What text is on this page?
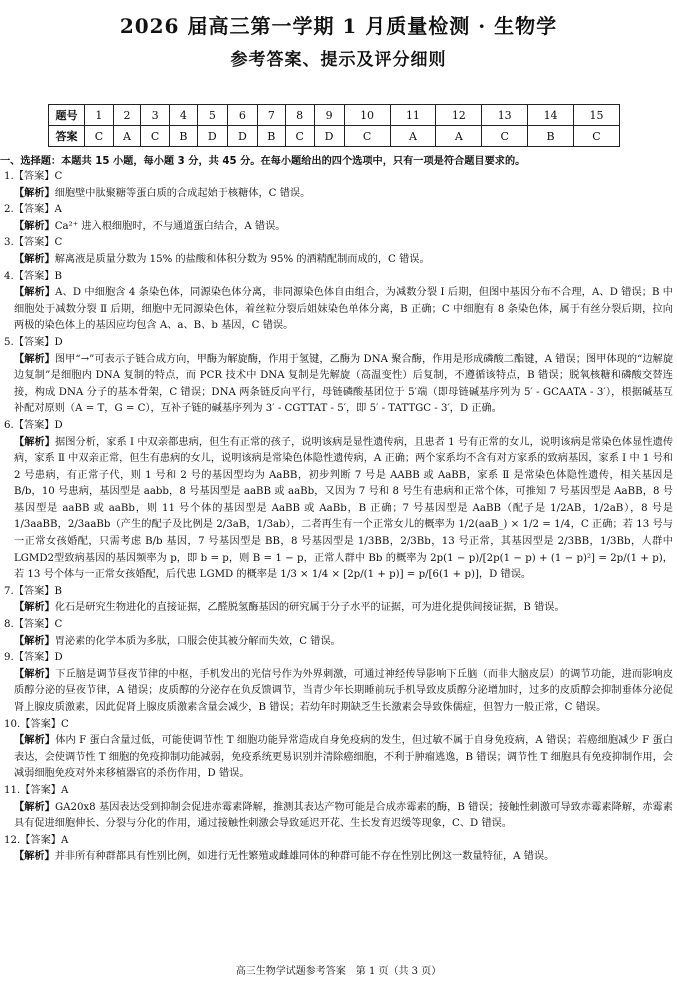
2026 届高三第一学期 1 月质量检测 · 生物学
参考答案、提示及评分细则
题号	1	2	3	4	5	6	7	8	9	10	11	12	13	14	15
答案	C	A	C	B	D	D	B	C	D	C	A	A	C	B	C
一、选择题：本题共 15 小题，每小题 3 分，共 45 分。在每小题给出的四个选项中，只有一项是符合题目要求的。
1.【答案】C
【解析】细胞壁中肽聚糖等蛋白质的合成起始于核糖体，C 错误。
2.【答案】A
【解析】Ca²⁺ 进入根细胞时，不与通道蛋白结合，A 错误。
3.【答案】C
【解析】解离液是质量分数为 15% 的盐酸和体积分数为 95% 的酒精配制而成的，C 错误。
4.【答案】B
【解析】A、D 中细胞含 4 条染色体，同源染色体分离，非同源染色体自由组合，为减数分裂 Ⅰ 后期，但图中基因分布不合理，A、D 错误；B 中细胞处于减数分裂 Ⅱ 后期，细胞中无同源染色体，着丝粒分裂后姐妹染色单体分离，B 正确；C 中细胞有 8 条染色体，属于有丝分裂后期，拉向两极的染色体上的基因应均包含 A、a、B、b 基因，C 错误。
5.【答案】D
【解析】图甲“→”可表示子链合成方向，甲酶为解旋酶，作用于氢键，乙酶为 DNA 聚合酶，作用是形成磷酸二酯键，A 错误；图甲体现的“边解旋边复制”是细胞内 DNA 复制的特点，而 PCR 技术中 DNA 复制是先解旋（高温变性）后复制，不遵循该特点，B 错误；脱氧核糖和磷酸交替连接，构成 DNA 分子的基本骨架，C 错误；DNA 两条链反向平行，母链磷酸基团位于 5′端（即母链碱基序列为 5′ - GCAATA - 3′），根据碱基互补配对原则（A = T，G = C），互补子链的碱基序列为 3′ - CGTTAT - 5′，即 5′ - TATTGC - 3′，D 正确。
6.【答案】D
【解析】据图分析，家系 Ⅰ 中双亲都患病，但生有正常的孩子，说明该病是显性遗传病，且患者 1 号有正常的女儿，说明该病是常染色体显性遗传病，家系 Ⅱ 中双亲正常，但生有患病的女儿，说明该病是常染色体隐性遗传病，A 正确；两个家系均不含有对方家系的致病基因，家系 Ⅰ 中 1 号和 2 号患病，有正常子代，则 1 号和 2 号的基因型均为 AaBB，初步判断 7 号是 AABB 或 AaBB，家系 Ⅱ 是常染色体隐性遗传，相关基因是 B/b，10 号患病，基因型是 aabb，8 号基因型是 aaBB 或 aaBb，又因为 7 号和 8 号生有患病和正常个体，可推知 7 号基因型是 AaBB，8 号基因型是 aaBB 或 aaBb，则 11 号个体的基因型是 AaBB 或 AaBb，B 正确；7 号基因型是 AaBB（配子是 1/2AB，1/2aB），8 号是 1/3aaBB，2/3aaBb（产生的配子及比例是 2/3aB，1/3ab），二者再生有一个正常女儿的概率为 1/2(aaB_) × 1/2 = 1/4，C 正确；若 13 号与一正常女孩婚配，只需考虑 B/b 基因，7 号基因型是 BB，8 号基因型是 1/3BB，2/3Bb，13 号正常，其基因型是 2/3BB，1/3Bb，人群中 LGMD2型致病基因的基因频率为 p，即 b = p，则 B = 1 − p，正常人群中 Bb 的概率为 2p(1 − p)/[2p(1 − p) + (1 − p)²] = 2p/(1 + p)，若 13 号个体与一正常女孩婚配，后代患 LGMD 的概率是 1/3 × 1/4 × [2p/(1 + p)] = p/[6(1 + p)]，D 错误。
7.【答案】B
【解析】化石是研究生物进化的直接证据，乙醛脱氢酶基因的研究属于分子水平的证据，可为进化提供间接证据，B 错误。
8.【答案】C
【解析】胃泌素的化学本质为多肽，口服会使其被分解而失效，C 错误。
9.【答案】D
【解析】下丘脑是调节昼夜节律的中枢，手机发出的光信号作为外界刺激，可通过神经传导影响下丘脑（而非大脑皮层）的调节功能，进而影响皮质醇分泌的昼夜节律，A 错误；皮质醇的分泌存在负反馈调节，当青少年长期睡前玩手机导致皮质醇分泌增加时，过多的皮质醇会抑制垂体分泌促肾上腺皮质激素，因此促肾上腺皮质激素含量会减少，B 错误；若幼年时期缺乏生长激素会导致侏儒症，但智力一般正常，C 错误。
10.【答案】C
【解析】体内 F 蛋白含量过低，可能使调节性 T 细胞功能异常造成自身免疫病的发生，但过敏不属于自身免疫病，A 错误；若癌细胞减少 F 蛋白表达，会使调节性 T 细胞的免疫抑制功能减弱，免疫系统更易识别并清除癌细胞，不利于肿瘤逃逸，B 错误；调节性 T 细胞具有免疫抑制作用，会减弱细胞免疫对外来移植器官的杀伤作用，D 错误。
11.【答案】A
【解析】GA20x8 基因表达受到抑制会促进赤霉素降解，推测其表达产物可能是合成赤霉素的酶，B 错误；接触性刺激可导致赤霉素降解，赤霉素具有促进细胞伸长、分裂与分化的作用，通过接触性刺激会导致延迟开花、生长发育迟缓等现象，C、D 错误。
12.【答案】A
【解析】并非所有种群都具有性别比例，如进行无性繁殖或雌雄同体的种群可能不存在性别比例这一数量特征，A 错误。
高三生物学试题参考答案　第 1 页（共 3 页）
